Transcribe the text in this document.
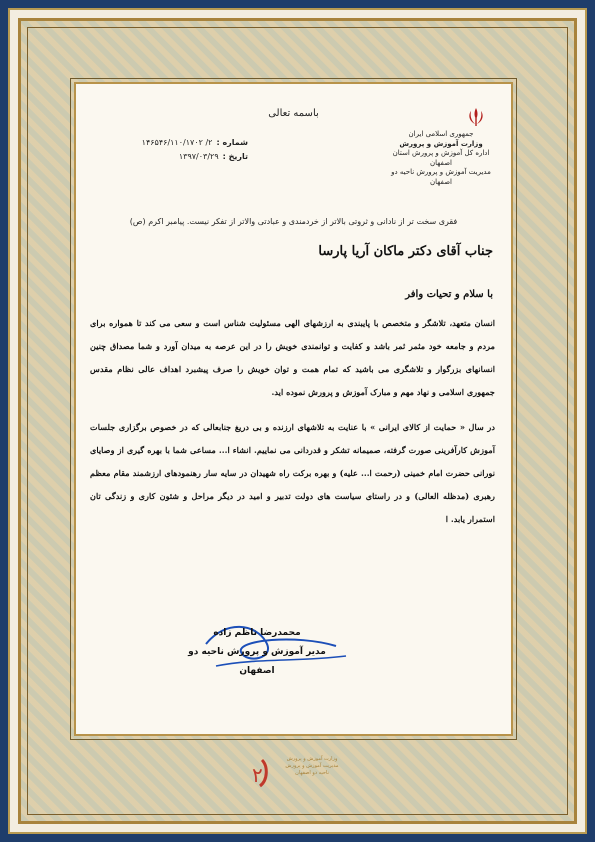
باسمه تعالی
جمهوری اسلامی ایران
وزارت آموزش و پرورش
اداره کل آموزش و پرورش استان اصفهان
مدیریت آموزش و پرورش ناحیه دو اصفهان
شماره :
۲/ ۱۴۶۵۴۶/۱۱۰/۱۷۰۲
تاریخ :
۱۳۹۷/۰۳/۲۹
فقری سخت تر از نادانی و ثروتی بالاتر از خردمندی و عبادتی والاتر از تفکر نیست. پیامبر اکرم (ص)
جناب آقای دکتر ماکان آریا پارسا
با سلام و تحیات وافر

انسان متعهد، تلاشگر و متخصص با پایبندی به ارزشهای الهی مسئولیت شناس است و سعی می کند تا همواره برای مردم و جامعه خود مثمر ثمر باشد و کفایت و توانمندی خویش را در این عرصه به میدان آورد و شما مصداق چنین انسانهای بزرگوار و تلاشگری می باشید که تمام همت و توان خویش را صرف پیشبرد اهداف عالی نظام مقدس جمهوری اسلامی و نهاد مهم و مبارک آموزش و پرورش نموده اید.

در سال « حمایت از کالای ایرانی » با عنایت به تلاشهای ارزنده و بی دریغ جنابعالی که در خصوص برگزاری جلسات آموزش کارآفرینی صورت گرفته، صمیمانه تشکر و قدردانی می نماییم. انشاء ا... مساعی شما با بهره گیری از وصایای نورانی حضرت امام خمینی (رحمت ا... علیه) و بهره برکت راه شهیدان در سایه سار رهنمودهای ارزشمند مقام معظم رهبری (مدظله العالی) و در راستای سیاست های دولت تدبیر و امید در دیگر مراحل و شئون کاری و زندگی تان استمرار یابد. ا

محمدرضا ناظم زاده
مدیر آموزش و پرورش ناحیه دو اصفهان
۲
وزارت آموزش و پرورش
مدیریت آموزش و پرورش
ناحیه دو اصفهان
